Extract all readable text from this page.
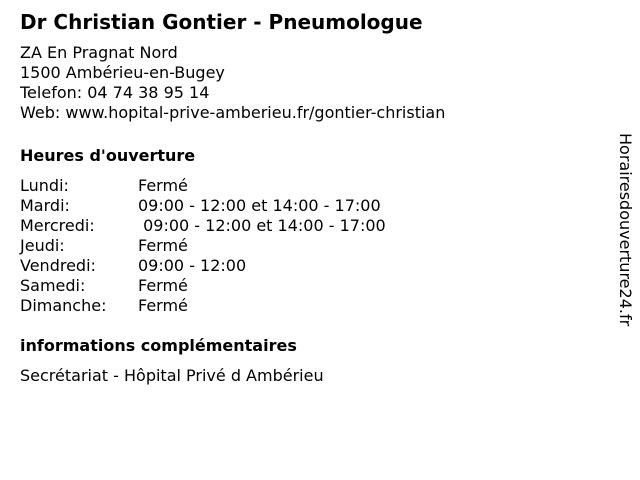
Dr Christian Gontier - Pneumologue
ZA En Pragnat Nord
1500 Ambérieu-en-Bugey
Telefon: 04 74 38 95 14
Web: www.hopital-prive-amberieu.fr/gontier-christian
Heures d'ouverture
Lundi:	Fermé
Mardi:	09:00 - 12:00 et 14:00 - 17:00
Mercredi:	09:00 - 12:00 et 14:00 - 17:00
Jeudi:	Fermé
Vendredi:	09:00 - 12:00
Samedi:	Fermé
Dimanche:	Fermé
informations complémentaires
Secrétariat - Hôpital Privé d Ambérieu
Horairesdouverture24.fr
